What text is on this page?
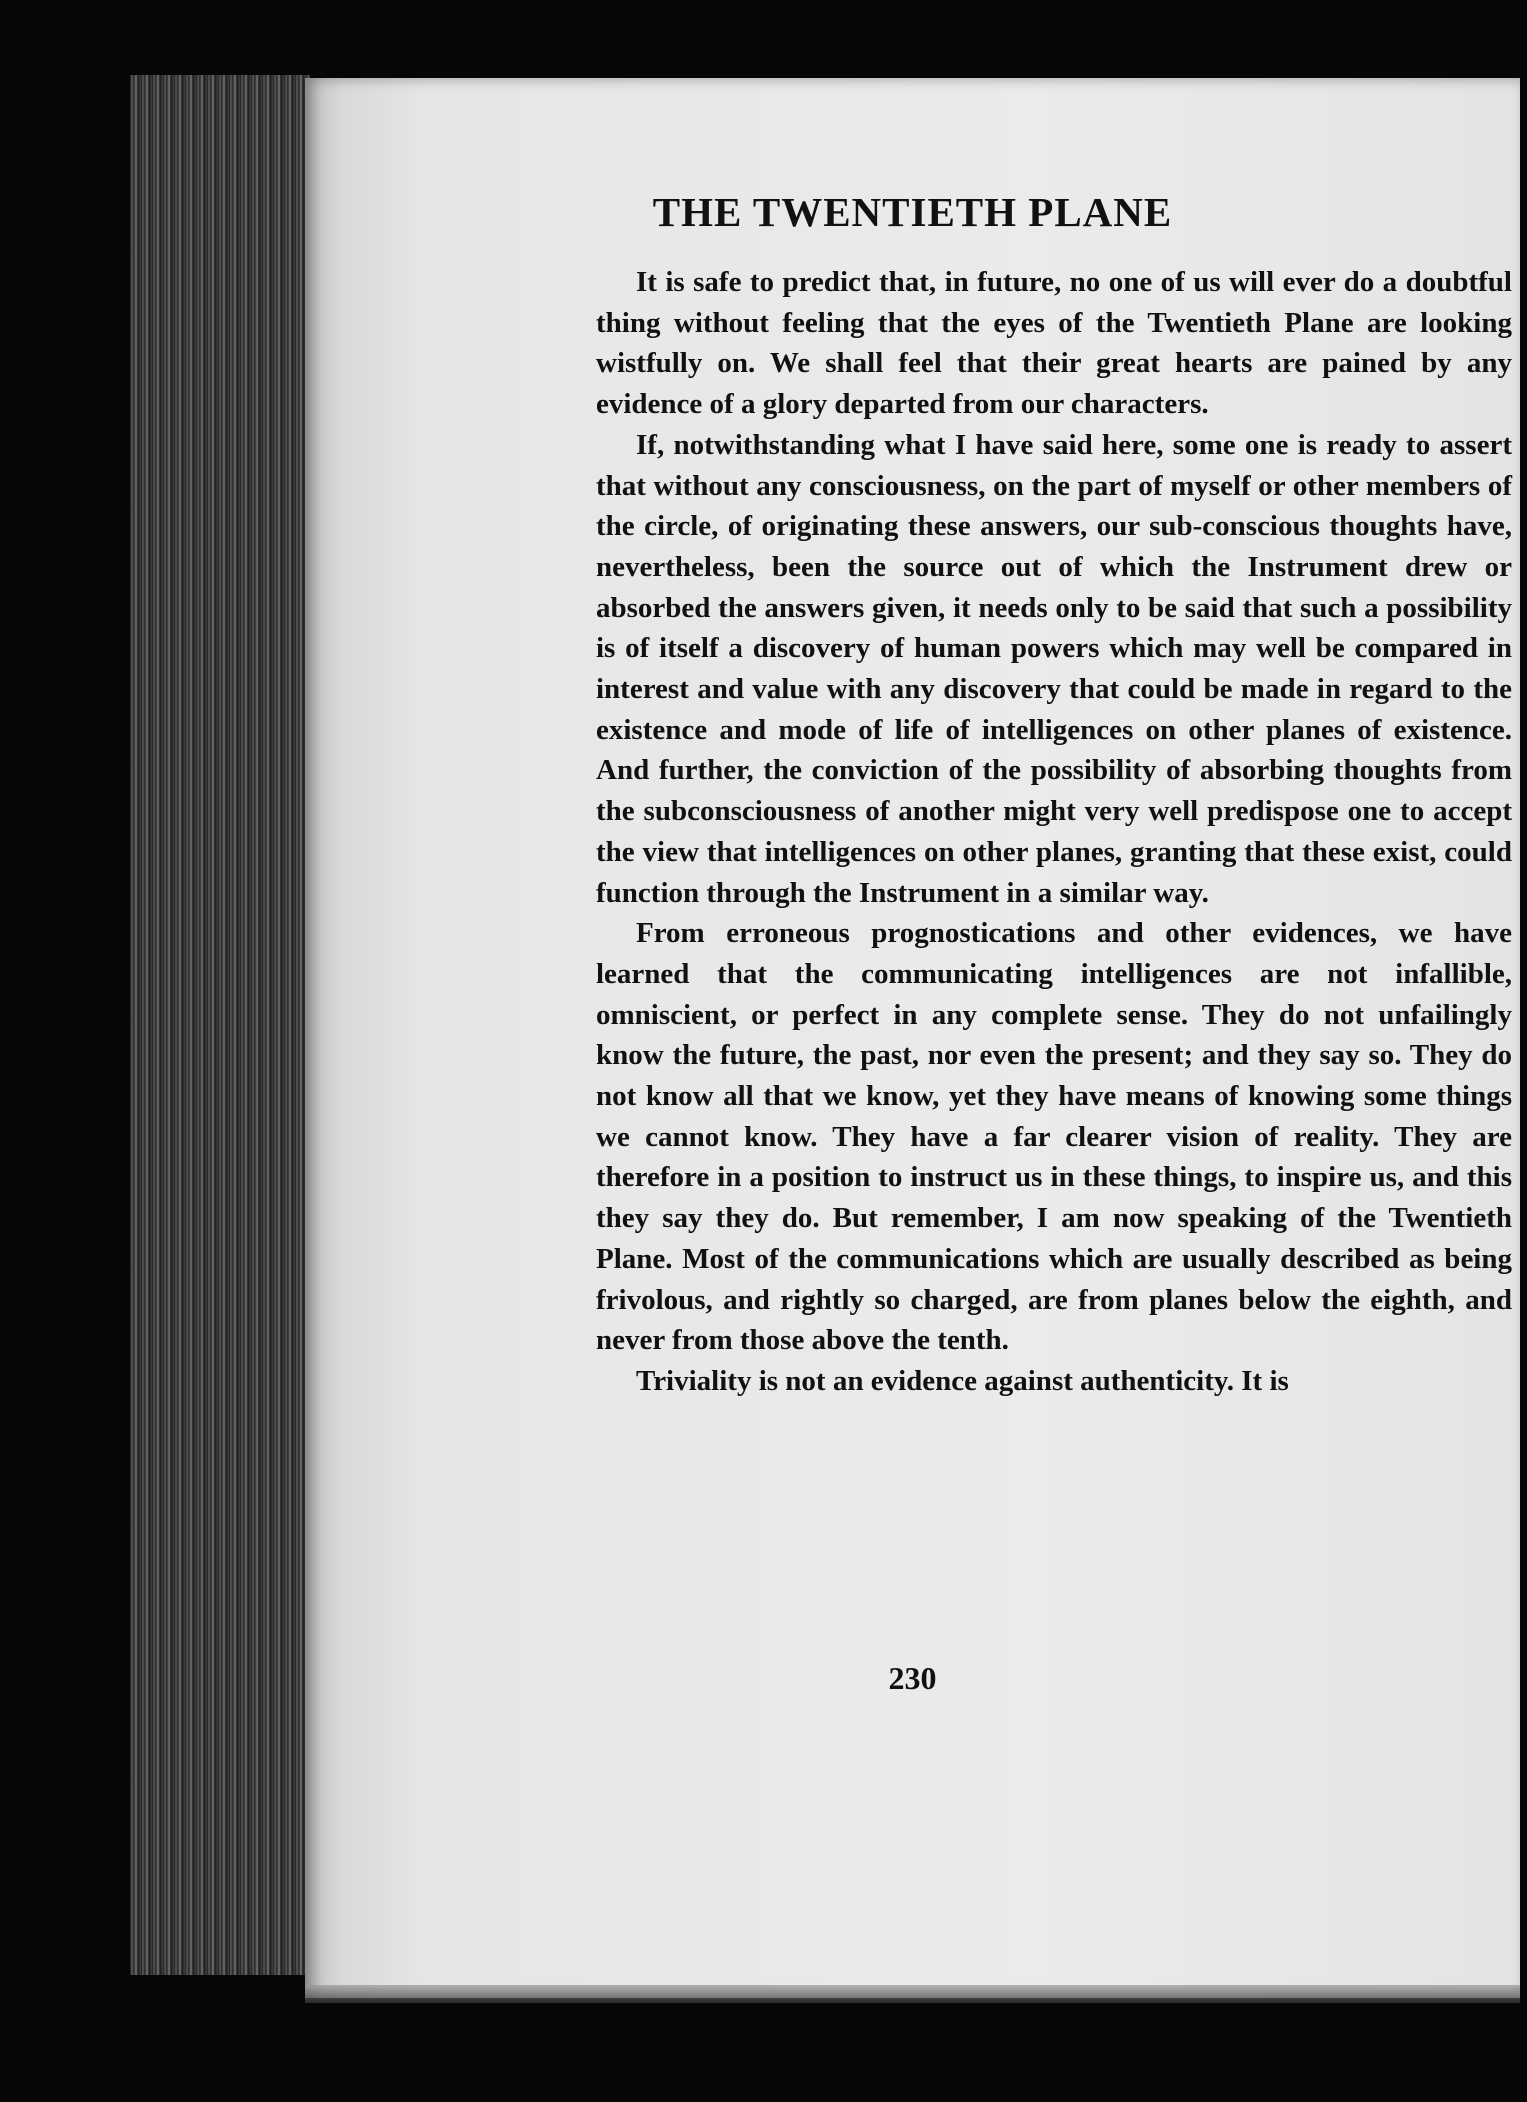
THE TWENTIETH PLANE

It is safe to predict that, in future, no one of us will ever do a doubtful thing without feeling that the eyes of the Twentieth Plane are looking wistfully on. We shall feel that their great hearts are pained by any evidence of a glory departed from our characters.

If, notwithstanding what I have said here, some one is ready to assert that without any consciousness, on the part of myself or other members of the circle, of originating these answers, our sub-conscious thoughts have, nevertheless, been the source out of which the Instrument drew or absorbed the answers given, it needs only to be said that such a possibility is of itself a discovery of human powers which may well be compared in interest and value with any discovery that could be made in regard to the existence and mode of life of intelligences on other planes of existence. And further, the conviction of the possibility of absorbing thoughts from the subconsciousness of another might very well predispose one to accept the view that intelligences on other planes, granting that these exist, could function through the Instrument in a similar way.

From erroneous prognostications and other evidences, we have learned that the communicating intelligences are not infallible, omniscient, or perfect in any complete sense. They do not unfailingly know the future, the past, nor even the present; and they say so. They do not know all that we know, yet they have means of knowing some things we cannot know. They have a far clearer vision of reality. They are therefore in a position to instruct us in these things, to inspire us, and this they say they do. But remember, I am now speaking of the Twentieth Plane. Most of the communications which are usually described as being frivolous, and rightly so charged, are from planes below the eighth, and never from those above the tenth.

Triviality is not an evidence against authenticity. It is

230
